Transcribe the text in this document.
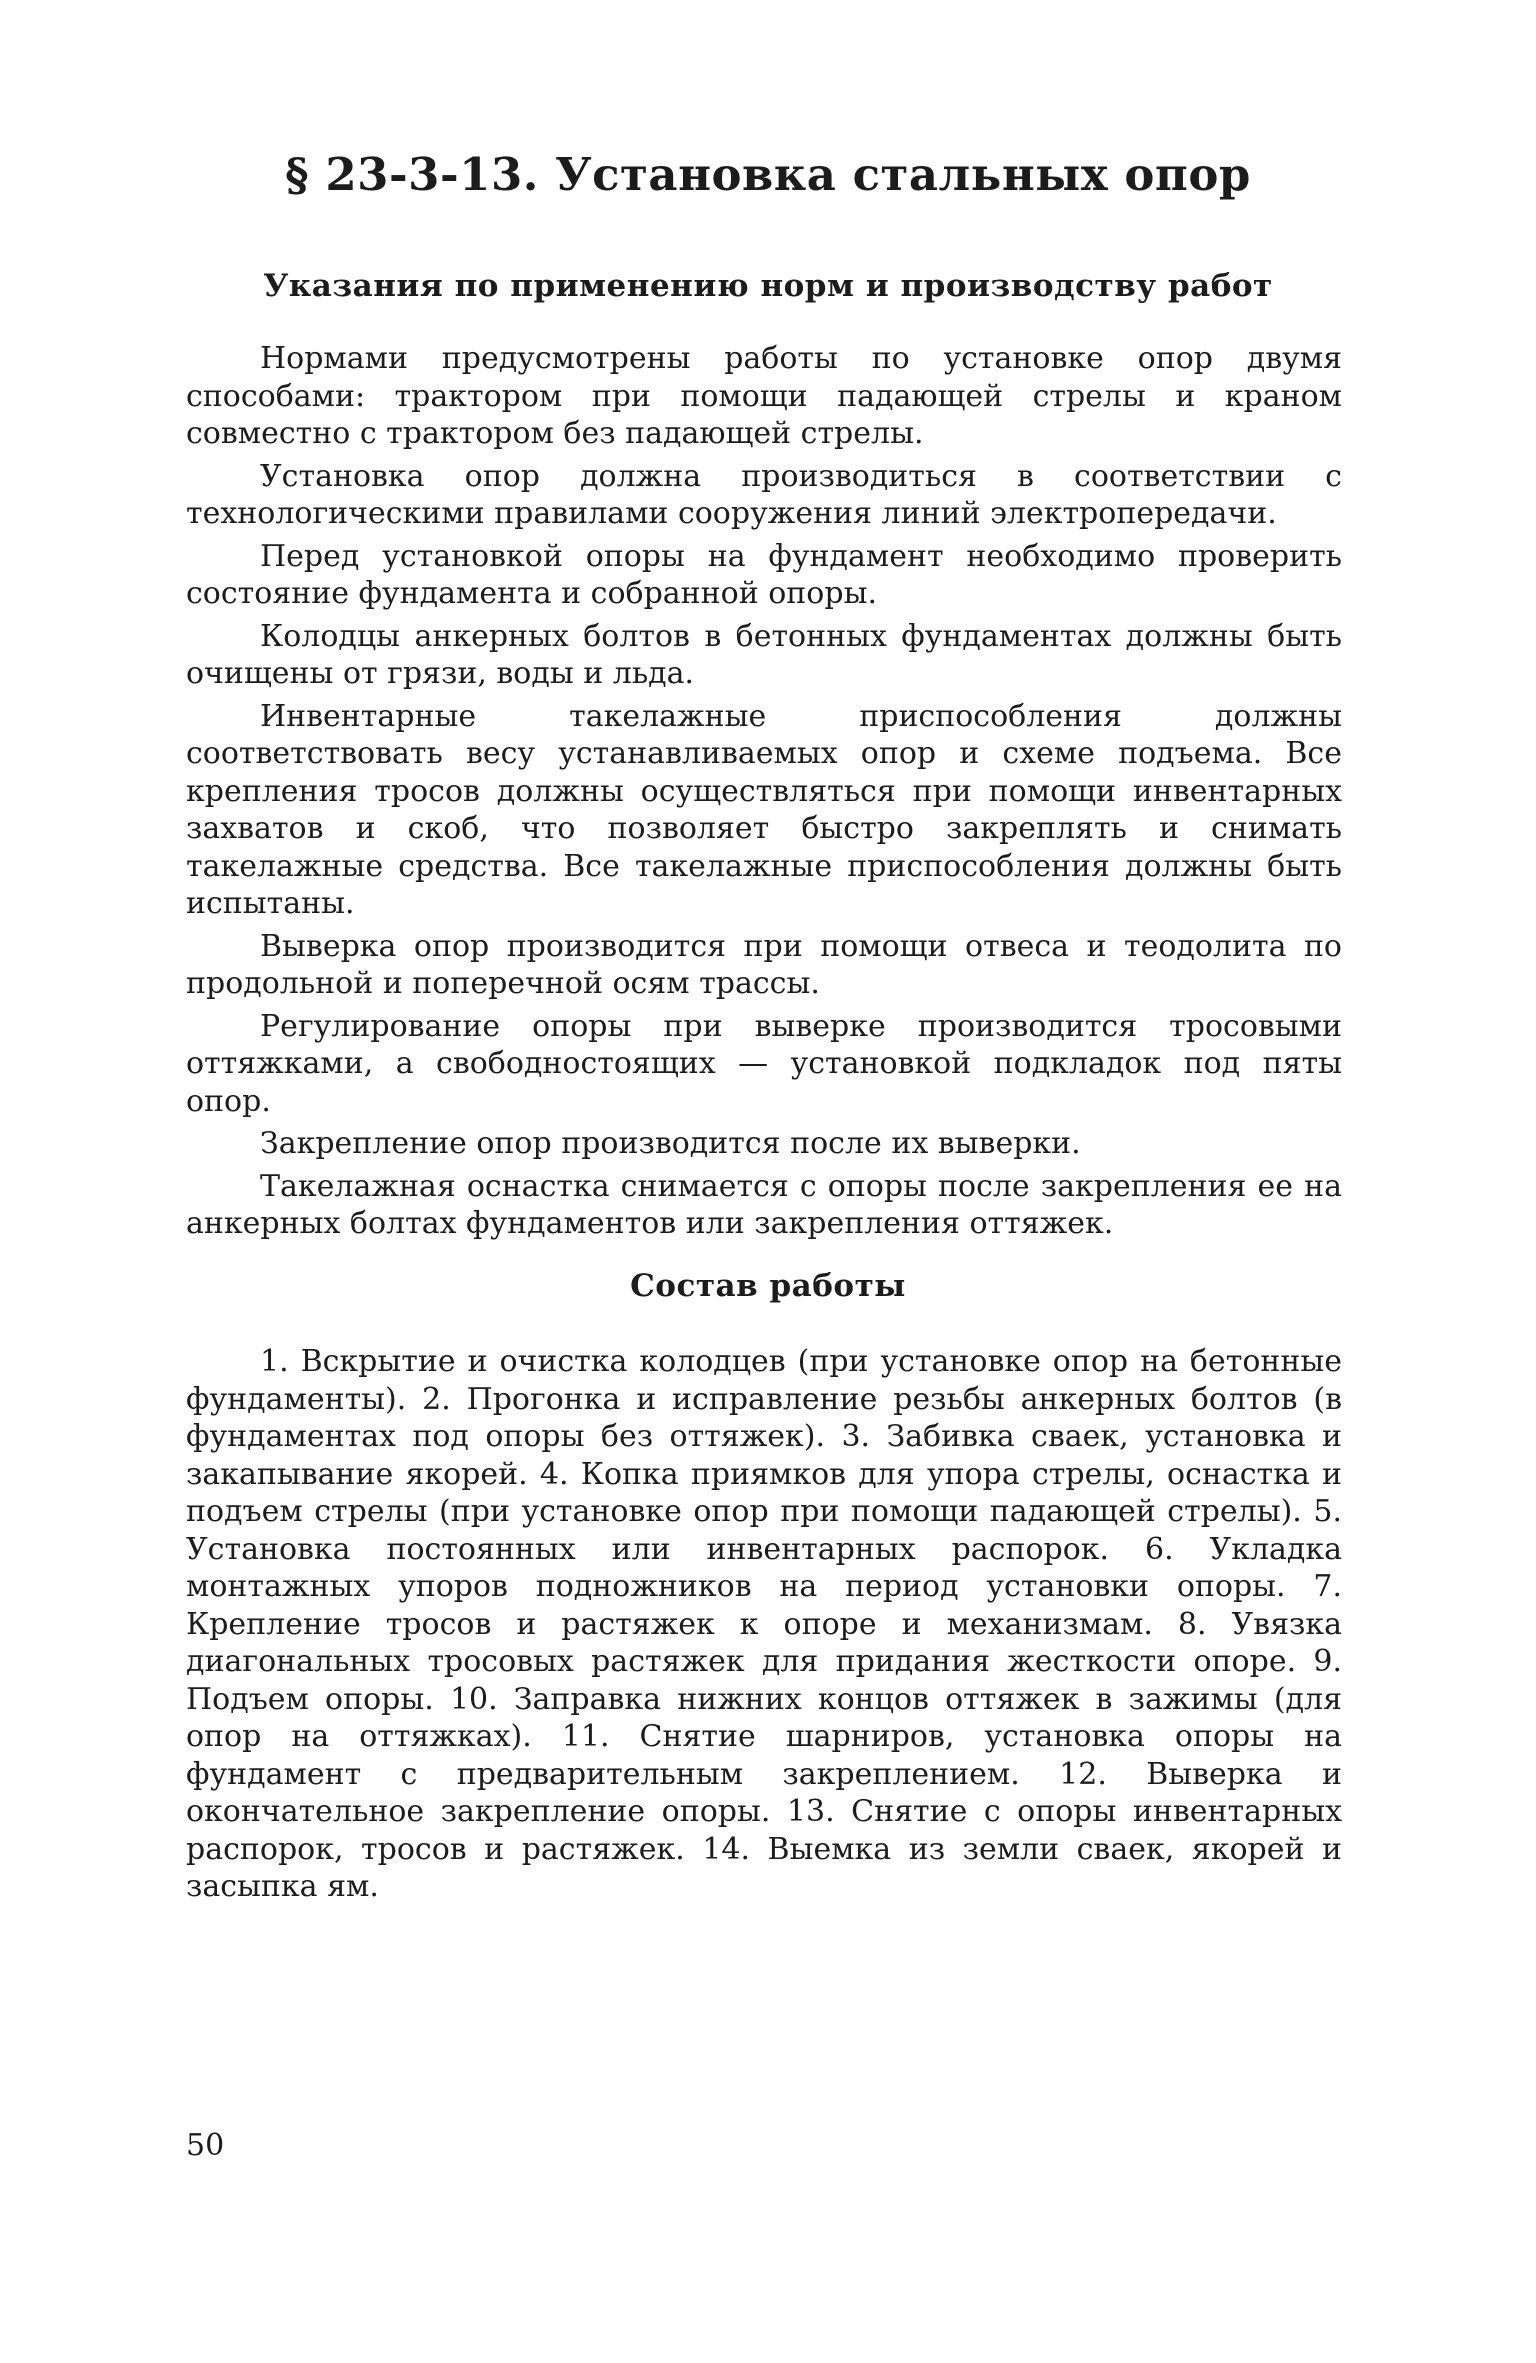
§ 23-3-13. Установка стальных опор
Указания по применению норм и производству работ

Нормами предусмотрены работы по установке опор двумя способами: трактором при помощи падающей стрелы и краном совместно с трактором без падающей стрелы.

Установка опор должна производиться в соответствии с технологическими правилами сооружения линий электропередачи.

Перед установкой опоры на фундамент необходимо проверить состояние фундамента и собранной опоры.

Колодцы анкерных болтов в бетонных фундаментах должны быть очищены от грязи, воды и льда.

Инвентарные такелажные приспособления должны соответствовать весу устанавливаемых опор и схеме подъема. Все крепления тросов должны осуществляться при помощи инвентарных захватов и скоб, что позволяет быстро закреплять и снимать такелажные средства. Все такелажные приспособления должны быть испытаны.

Выверка опор производится при помощи отвеса и теодолита по продольной и поперечной осям трассы.

Регулирование опоры при выверке производится тросовыми оттяжками, а свободностоящих — установкой подкладок под пяты опор.

Закрепление опор производится после их выверки.

Такелажная оснастка снимается с опоры после закрепления ее на анкерных болтах фундаментов или закрепления оттяжек.

Состав работы

1. Вскрытие и очистка колодцев (при установке опор на бетонные фундаменты). 2. Прогонка и исправление резьбы анкерных болтов (в фундаментах под опоры без оттяжек). 3. Забивка сваек, установка и закапывание якорей. 4. Копка приямков для упора стрелы, оснастка и подъем стрелы (при установке опор при помощи падающей стрелы). 5. Установка постоянных или инвентарных распорок. 6. Укладка монтажных упоров подножников на период установки опоры. 7. Крепление тросов и растяжек к опоре и механизмам. 8. Увязка диагональных тросовых растяжек для придания жесткости опоре. 9. Подъем опоры. 10. Заправка нижних концов оттяжек в зажимы (для опор на оттяжках). 11. Снятие шарниров, установка опоры на фундамент с предварительным закреплением. 12. Выверка и окончательное закрепление опоры. 13. Снятие с опоры инвентарных распорок, тросов и растяжек. 14. Выемка из земли сваек, якорей и засыпка ям.

50
